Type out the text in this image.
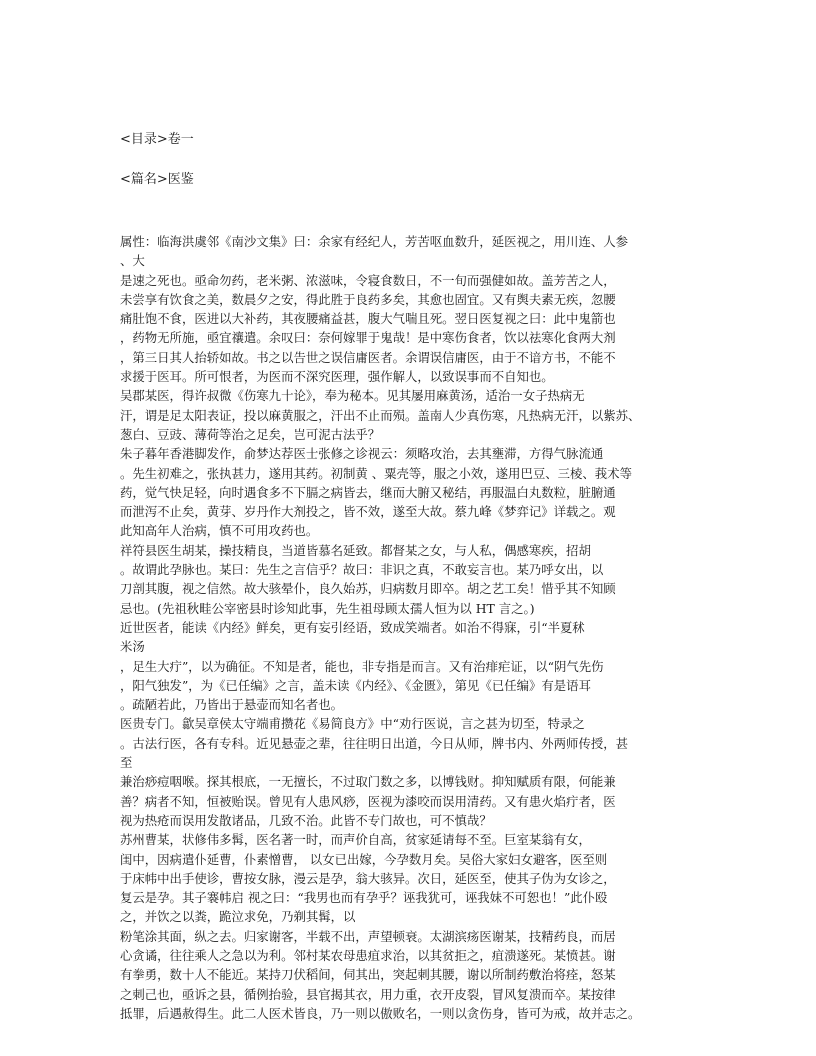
<目录>卷一
<篇名>医鉴
属性：临海洪虞邻《南沙文集》曰：余家有经纪人，芳苦呕血数升，延医视之，用川连、人参
、大
是速之死也。亟命勿药，老米粥、浓滋味，令寝食数日，不一旬而强健如故。盖芳苦之人，
未尝享有饮食之美，数晨夕之安，得此胜于良药多矣，其愈也固宜。又有舆夫素无疾，忽腰
痛肚饱不食，医进以大补药，其夜腰痛益甚，腹大气喘且死。翌日医复视之曰：此中鬼箭也
，药物无所施，亟宜禳遣。余叹曰：奈何嫁罪于鬼哉！是中寒伤食者，饮以祛寒化食两大剂
，第三日其人抬轿如故。书之以告世之误信庸医者。余谓误信庸医，由于不谙方书，不能不
求援于医耳。所可恨者，为医而不深究医理，强作解人，以致误事而不自知也。
吴郡某医，得许叔微《伤寒九十论》，奉为秘本。见其屡用麻黄汤，适治一女子热病无
汗，谓是足太阳表证，投以麻黄服之，汗出不止而殒。盖南人少真伤寒，凡热病无汗，以紫苏、
葱白、豆豉、薄荷等治之足矣，岂可泥古法乎？
朱子暮年香港脚发作，俞梦达荐医士张修之诊视云：须略攻治，去其壅滞，方得气脉流通
。先生初难之，张执甚力，遂用其药。初制黄 、粟壳等，服之小效，遂用巴豆、三棱、莪术等
药，觉气快足轻，向时遇食多不下膈之病皆去，继而大腑又秘结，再服温白丸数粒，脏腑通
而泄泻不止矣，黄芽、岁丹作大剂投之，皆不效，遂至大故。蔡九峰《梦弈记》详载之。观
此知高年人治病，慎不可用攻药也。
祥符县医生胡某，操技精良，当道皆慕名延致。都督某之女，与人私，偶感寒疾，招胡
。故谓此孕脉也。某曰：先生之言信乎？故曰：非识之真，不敢妄言也。某乃呼女出，以
刀剖其腹，视之信然。故大骇晕仆，良久始苏，归病数月即卒。胡之艺工矣！惜乎其不知顾
忌也。(先祖秋畦公宰密县时诊知此事，先生祖母顾太孺人恒为以 HT 言之。)
近世医者，能读《内经》鲜矣，更有妄引经语，致成笑端者。如治不得寐，引“半夏秫
米汤
，足生大疔”，以为确征。不知是者，能也，非专指是而言。又有治痱疟证，以“阴气先伤
，阳气独发”，为《已任编》之言，盖未读《内经》、《金匮》，第见《已任编》有是语耳
。疏陋若此，乃皆出于悬壶而知名者也。
医贵专门。歙吴章侯太守端甫攒花《易简良方》中“劝行医说，言之甚为切至，特录之
。古法行医，各有专科。近见悬壶之辈，往往明日出道，今日从师，牌书内、外两师传授，甚
至
兼治痧痘咽喉。探其根底，一无擅长，不过取门数之多，以博钱财。抑知赋质有限，何能兼
善？病者不知，恒被贻误。曾见有人患风痧，医视为漆咬而误用清药。又有患火焰疔者，医
视为热疮而误用发散诸品，几致不治。此皆不专门故也，可不慎哉？
苏州曹某，状修伟多髯，医名著一时，而声价自高，贫家延请每不至。巨室某翁有女，
闺中，因病遣仆延曹，仆素憎曹， 以女已出嫁，今孕数月矣。吴俗大家妇女避客，医至则
于床帏中出手使诊，曹按女脉，漫云是孕，翁大骇异。次日，延医至，使其子伪为女诊之，
复云是孕。其子褰帏启 视之曰：“我男也而有孕乎？诬我犹可，诬我妹不可恕也！”此仆殴
之，并饮之以粪，跪泣求免，乃剃其髯，以
粉笔涂其面，纵之去。归家谢客，半载不出，声望顿衰。太湖滨疡医谢某，技精药良，而居
心贪谲，往往乘人之急以为利。邻村某农母患疽求治，以其贫拒之，疽溃遂死。某愤甚。谢
有拳勇，数十人不能近。某持刀伏稻间，伺其出，突起刺其腰，谢以所制药敷治将痊，怒某
之刺己也，亟诉之县，循例抬验，县官揭其衣，用力重，衣开皮裂，冒风复溃而卒。某按律
抵罪，后遇赦得生。此二人医术皆良，乃一则以傲败名，一则以贪伤身，皆可为戒，故并志之。
